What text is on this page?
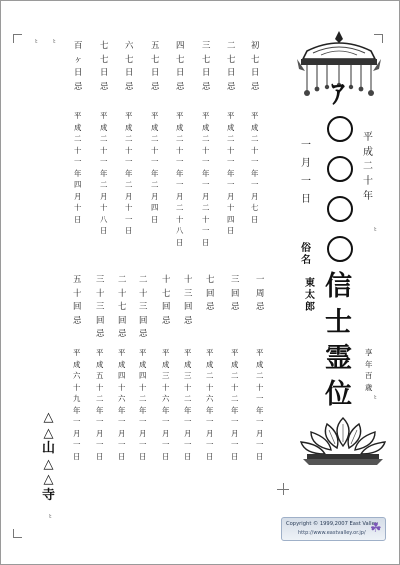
ﾋ	ﾋ
ﾋ
初
七
日
忌
平
成
二
十
一
年
一
月
七
日
二
七
日
忌
平
成
二
十
一
年
一
月
十
四
日
三
七
日
忌
平
成
二
十
一
年
一
月
二
十
一
日
四
七
日
忌
平
成
二
十
一
年
一
月
二
十
八
日
五
七
日
忌
平
成
二
十
一
年
二
月
四
日
六
七
日
忌
平
成
二
十
一
年
二
月
十
一
日
七
七
日
忌
平
成
二
十
一
年
二
月
十
八
日
百
ヶ
日
忌
平
成
二
十
一
年
四
月
十
日
一
周
忌
平
成
二
十
一
年
一
月
一
日
三
回
忌
平
成
二
十
二
年
一
月
一
日
七
回
忌
平
成
二
十
六
年
一
月
一
日
十
三
回
忌
平
成
三
十
二
年
一
月
一
日
十
七
回
忌
平
成
三
十
六
年
一
月
一
日
二
十
三
回
忌
平
成
四
十
二
年
一
月
一
日
二
十
七
回
忌
平
成
四
十
六
年
一
月
一
日
三
十
三
回
忌
平
成
五
十
二
年
一
月
一
日
五
十
回
忌
平
成
六
十
九
年
一
月
一
日
ｱ
信
士
霊
位
平
成
二
十
年
一
月
一
日
俗
名
東
太
郎
享
年
百
歳
ﾋ
ﾋ
△
△
山
△
△
寺
Copyright © 1999,2007 East Valley
http://www.eastvalley.or.jp/ ☘
